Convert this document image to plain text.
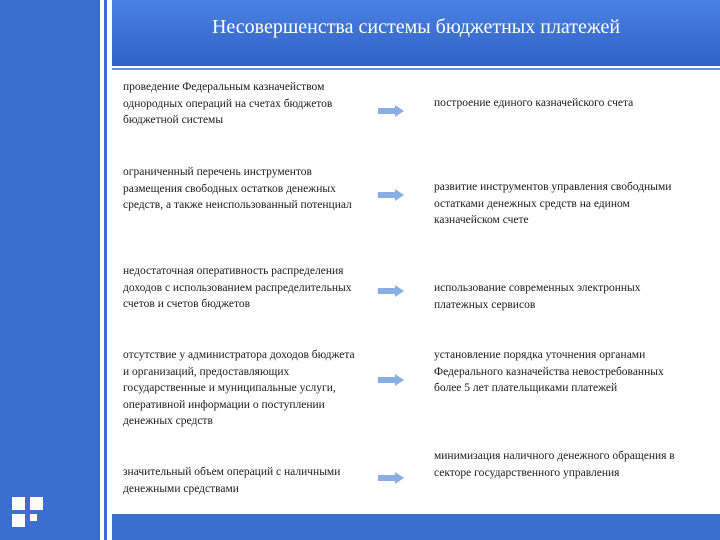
Несовершенства системы бюджетных платежей
проведение Федеральным казначейством однородных операций на счетах бюджетов бюджетной системы
построение единого казначейского счета
ограниченный перечень инструментов размещения свободных остатков денежных средств, а также неиспользованный потенциал
развитие инструментов управления свободными остатками денежных средств на едином казначейском счете
недостаточная оперативность распределения доходов с использованием распределительных счетов и счетов бюджетов
использование современных электронных платежных сервисов
отсутствие у администратора доходов бюджета и организаций, предоставляющих государственные и муниципальные услуги, оперативной информации о поступлении денежных средств
установление порядка уточнения органами Федерального казначейства невостребованных более 5 лет плательщиками платежей
значительный объем операций с наличными денежными средствами
минимизация наличного денежного обращения в секторе государственного управления
